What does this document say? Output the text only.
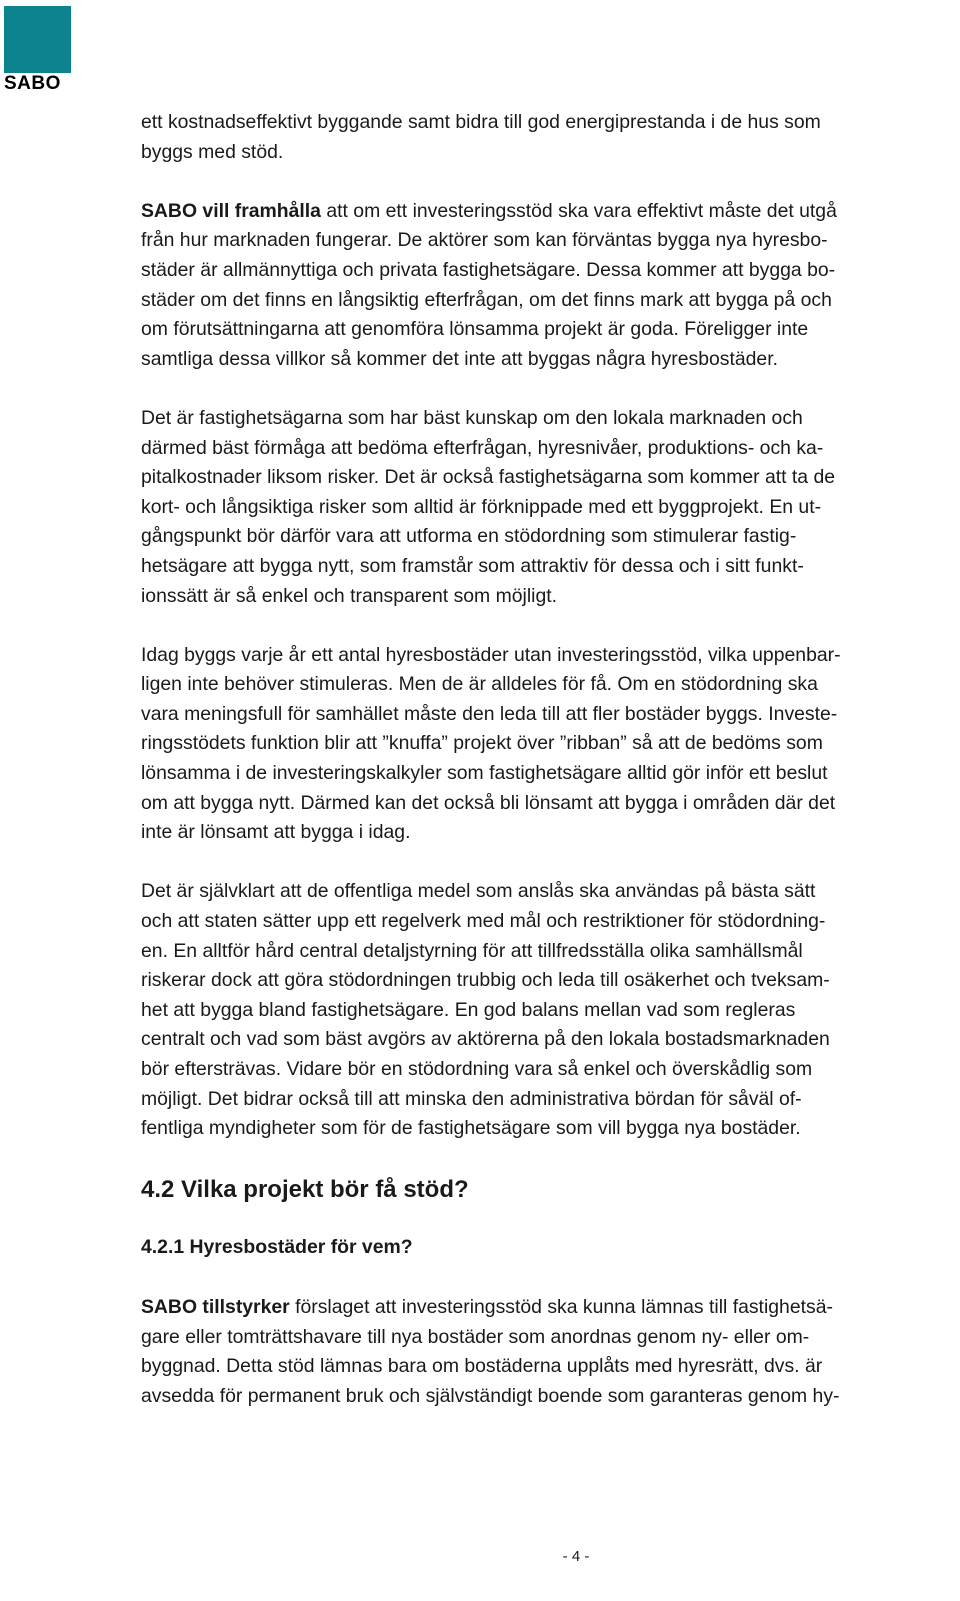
SABO

ett kostnadseffektivt byggande samt bidra till god energiprestanda i de hus som
byggs med stöd.

SABO vill framhålla att om ett investeringsstöd ska vara effektivt måste det utgå
från hur marknaden fungerar. De aktörer som kan förväntas bygga nya hyresbo-
städer är allmännyttiga och privata fastighetsägare. Dessa kommer att bygga bo-
städer om det finns en långsiktig efterfrågan, om det finns mark att bygga på och
om förutsättningarna att genomföra lönsamma projekt är goda. Föreligger inte
samtliga dessa villkor så kommer det inte att byggas några hyresbostäder.

Det är fastighetsägarna som har bäst kunskap om den lokala marknaden och
därmed bäst förmåga att bedöma efterfrågan, hyresnivåer, produktions- och ka-
pitalkostnader liksom risker. Det är också fastighetsägarna som kommer att ta de
kort- och långsiktiga risker som alltid är förknippade med ett byggprojekt. En ut-
gångspunkt bör därför vara att utforma en stödordning som stimulerar fastig-
hetsägare att bygga nytt, som framstår som attraktiv för dessa och i sitt funkt-
ionssätt är så enkel och transparent som möjligt.

Idag byggs varje år ett antal hyresbostäder utan investeringsstöd, vilka uppenbar-
ligen inte behöver stimuleras. Men de är alldeles för få. Om en stödordning ska
vara meningsfull för samhället måste den leda till att fler bostäder byggs. Investe-
ringsstödets funktion blir att ”knuffa” projekt över ”ribban” så att de bedöms som
lönsamma i de investeringskalkyler som fastighetsägare alltid gör inför ett beslut
om att bygga nytt. Därmed kan det också bli lönsamt att bygga i områden där det
inte är lönsamt att bygga i idag.

Det är självklart att de offentliga medel som anslås ska användas på bästa sätt
och att staten sätter upp ett regelverk med mål och restriktioner för stödordning-
en. En alltför hård central detaljstyrning för att tillfredsställa olika samhällsmål
riskerar dock att göra stödordningen trubbig och leda till osäkerhet och tveksam-
het att bygga bland fastighetsägare. En god balans mellan vad som regleras
centralt och vad som bäst avgörs av aktörerna på den lokala bostadsmarknaden
bör eftersträvas. Vidare bör en stödordning vara så enkel och överskådlig som
möjligt. Det bidrar också till att minska den administrativa bördan för såväl of-
fentliga myndigheter som för de fastighetsägare som vill bygga nya bostäder.

4.2 Vilka projekt bör få stöd?
4.2.1 Hyresbostäder för vem?

SABO tillstyrker förslaget att investeringsstöd ska kunna lämnas till fastighetsä-
gare eller tomträttshavare till nya bostäder som anordnas genom ny- eller om-
byggnad. Detta stöd lämnas bara om bostäderna upplåts med hyresrätt, dvs. är
avsedda för permanent bruk och självständigt boende som garanteras genom hy-

- 4 -
